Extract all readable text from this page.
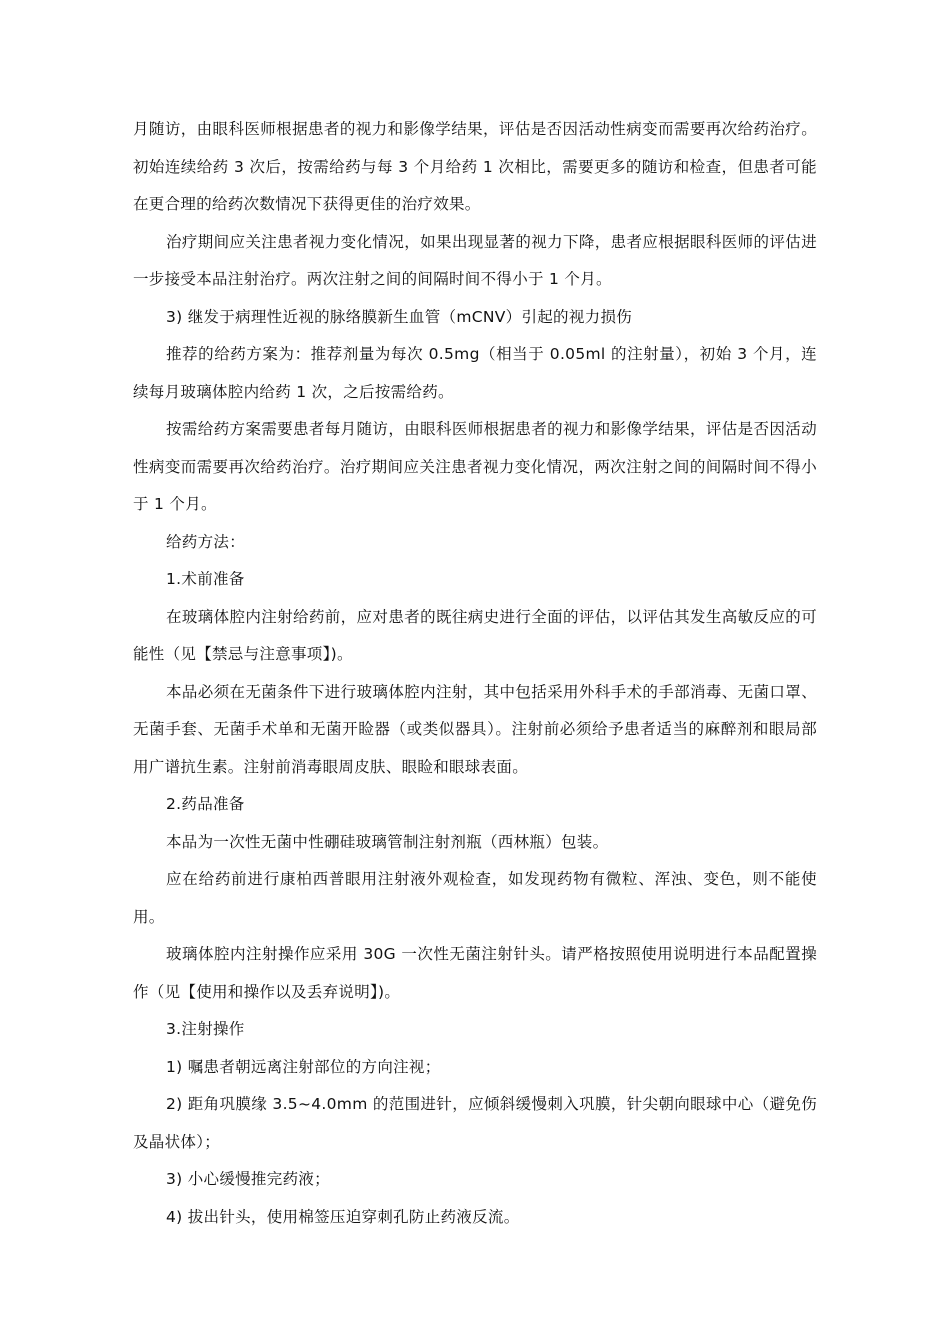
月随访，由眼科医师根据患者的视力和影像学结果，评估是否因活动性病变而需要再次给药治疗。初始连续给药 3 次后，按需给药与每 3 个月给药 1 次相比，需要更多的随访和检查，但患者可能在更合理的给药次数情况下获得更佳的治疗效果。

治疗期间应关注患者视力变化情况，如果出现显著的视力下降，患者应根据眼科医师的评估进一步接受本品注射治疗。两次注射之间的间隔时间不得小于 1 个月。

3) 继发于病理性近视的脉络膜新生血管（mCNV）引起的视力损伤

推荐的给药方案为：推荐剂量为每次 0.5mg（相当于 0.05ml 的注射量），初始 3 个月，连续每月玻璃体腔内给药 1 次，之后按需给药。

按需给药方案需要患者每月随访，由眼科医师根据患者的视力和影像学结果，评估是否因活动性病变而需要再次给药治疗。治疗期间应关注患者视力变化情况，两次注射之间的间隔时间不得小于 1 个月。

给药方法：

1.术前准备

在玻璃体腔内注射给药前，应对患者的既往病史进行全面的评估，以评估其发生高敏反应的可能性（见【禁忌与注意事项】)。

本品必须在无菌条件下进行玻璃体腔内注射，其中包括采用外科手术的手部消毒、无菌口罩、无菌手套、无菌手术单和无菌开睑器（或类似器具）。注射前必须给予患者适当的麻醉剂和眼局部用广谱抗生素。注射前消毒眼周皮肤、眼睑和眼球表面。

2.药品准备

本品为一次性无菌中性硼硅玻璃管制注射剂瓶（西林瓶）包装。

应在给药前进行康柏西普眼用注射液外观检查，如发现药物有微粒、浑浊、变色，则不能使用。

玻璃体腔内注射操作应采用 30G 一次性无菌注射针头。请严格按照使用说明进行本品配置操作（见【使用和操作以及丢弃说明】)。

3.注射操作

1) 嘱患者朝远离注射部位的方向注视；

2) 距角巩膜缘 3.5~4.0mm 的范围进针，应倾斜缓慢刺入巩膜，针尖朝向眼球中心（避免伤及晶状体）；

3) 小心缓慢推完药液；

4) 拔出针头，使用棉签压迫穿刺孔防止药液反流。
